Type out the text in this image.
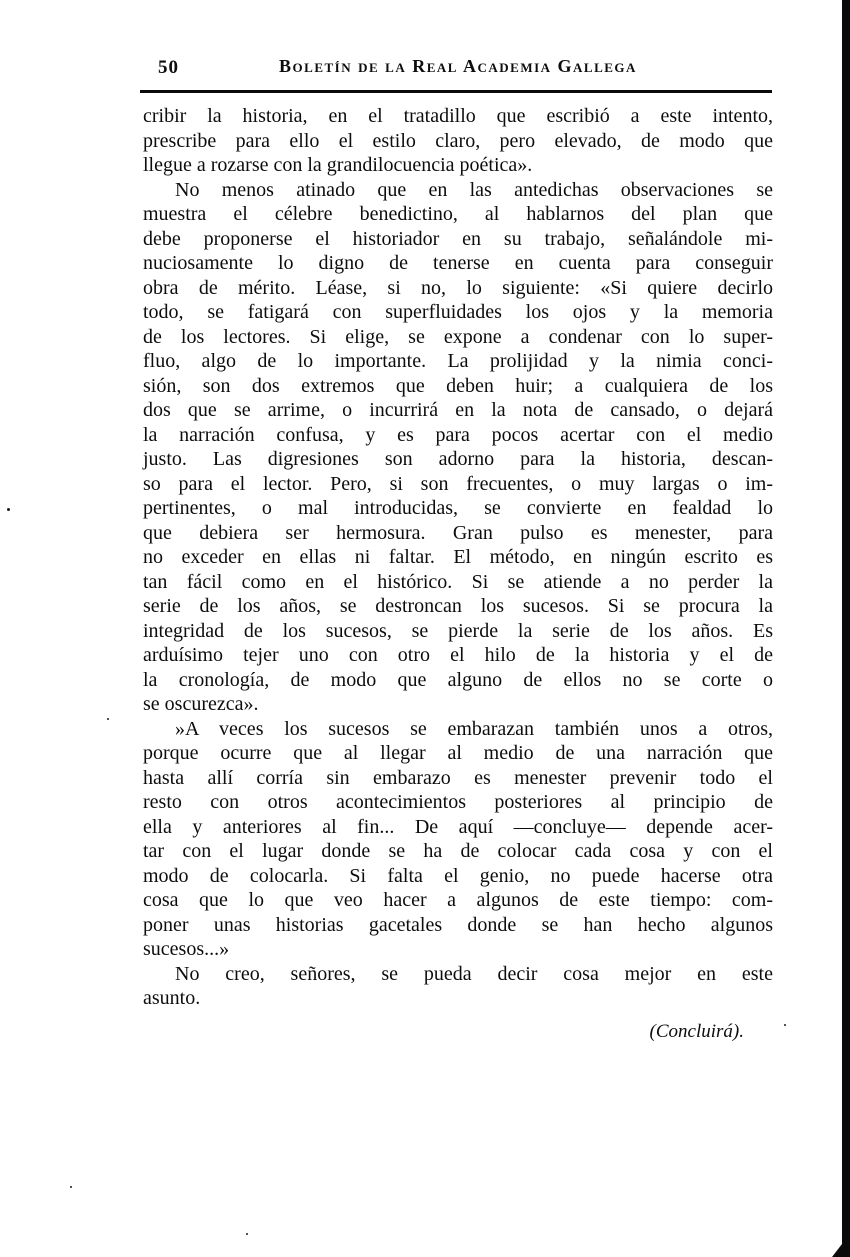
50	Boletín de la Real Academia Gallega
cribir la historia, en el tratadillo que escribió a este intento,
prescribe para ello el estilo claro, pero elevado, de modo que
llegue a rozarse con la grandilocuencia poética».
No menos atinado que en las antedichas observaciones se
muestra el célebre benedictino, al hablarnos del plan que
debe proponerse el historiador en su trabajo, señalándole mi-
nuciosamente lo digno de tenerse en cuenta para conseguir
obra de mérito. Léase, si no, lo siguiente: «Si quiere decirlo
todo, se fatigará con superfluidades los ojos y la memoria
de los lectores. Si elige, se expone a condenar con lo super-
fluo, algo de lo importante. La prolijidad y la nimia conci-
sión, son dos extremos que deben huir; a cualquiera de los
dos que se arrime, o incurrirá en la nota de cansado, o dejará
la narración confusa, y es para pocos acertar con el medio
justo. Las digresiones son adorno para la historia, descan-
so para el lector. Pero, si son frecuentes, o muy largas o im-
pertinentes, o mal introducidas, se convierte en fealdad lo
que debiera ser hermosura. Gran pulso es menester, para
no exceder en ellas ni faltar. El método, en ningún escrito es
tan fácil como en el histórico. Si se atiende a no perder la
serie de los años, se destroncan los sucesos. Si se procura la
integridad de los sucesos, se pierde la serie de los años. Es
arduísimo tejer uno con otro el hilo de la historia y el de
la cronología, de modo que alguno de ellos no se corte o
se oscurezca».
»A veces los sucesos se embarazan también unos a otros,
porque ocurre que al llegar al medio de una narración que
hasta allí corría sin embarazo es menester prevenir todo el
resto con otros acontecimientos posteriores al principio de
ella y anteriores al fin... De aquí —concluye— depende acer-
tar con el lugar donde se ha de colocar cada cosa y con el
modo de colocarla. Si falta el genio, no puede hacerse otra
cosa que lo que veo hacer a algunos de este tiempo: com-
poner unas historias gacetales donde se han hecho algunos
sucesos...»
No creo, señores, se pueda decir cosa mejor en este
asunto.
(Concluirá).
